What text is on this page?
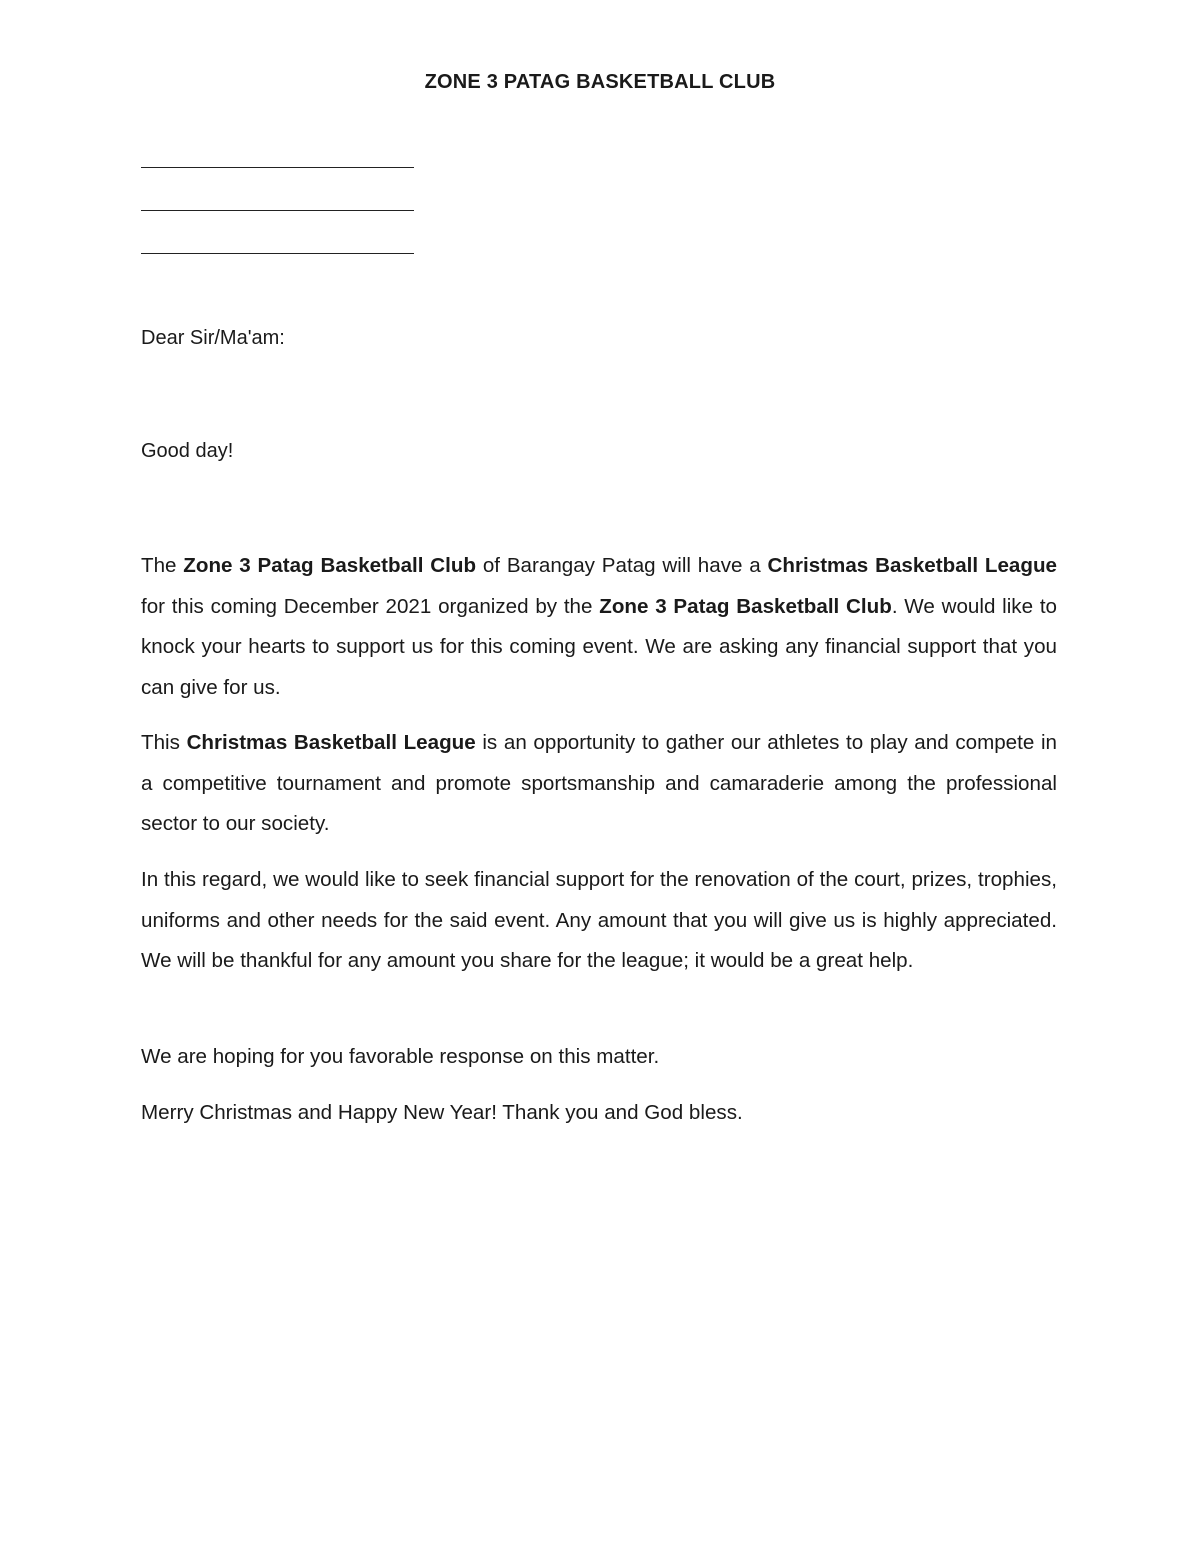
ZONE 3 PATAG BASKETBALL CLUB
Dear Sir/Ma'am:
Good day!

The Zone 3 Patag Basketball Club of Barangay Patag will have a Christmas Basketball League for this coming December 2021 organized by the Zone 3 Patag Basketball Club. We would like to knock your hearts to support us for this coming event. We are asking any financial support that you can give for us.

This Christmas Basketball League is an opportunity to gather our athletes to play and compete in a competitive tournament and promote sportsmanship and camaraderie among the professional sector to our society.

In this regard, we would like to seek financial support for the renovation of the court, prizes, trophies, uniforms and other needs for the said event. Any amount that you will give us is highly appreciated. We will be thankful for any amount you share for the league; it would be a great help.

We are hoping for you favorable response on this matter.

Merry Christmas and Happy New Year! Thank you and God bless.
